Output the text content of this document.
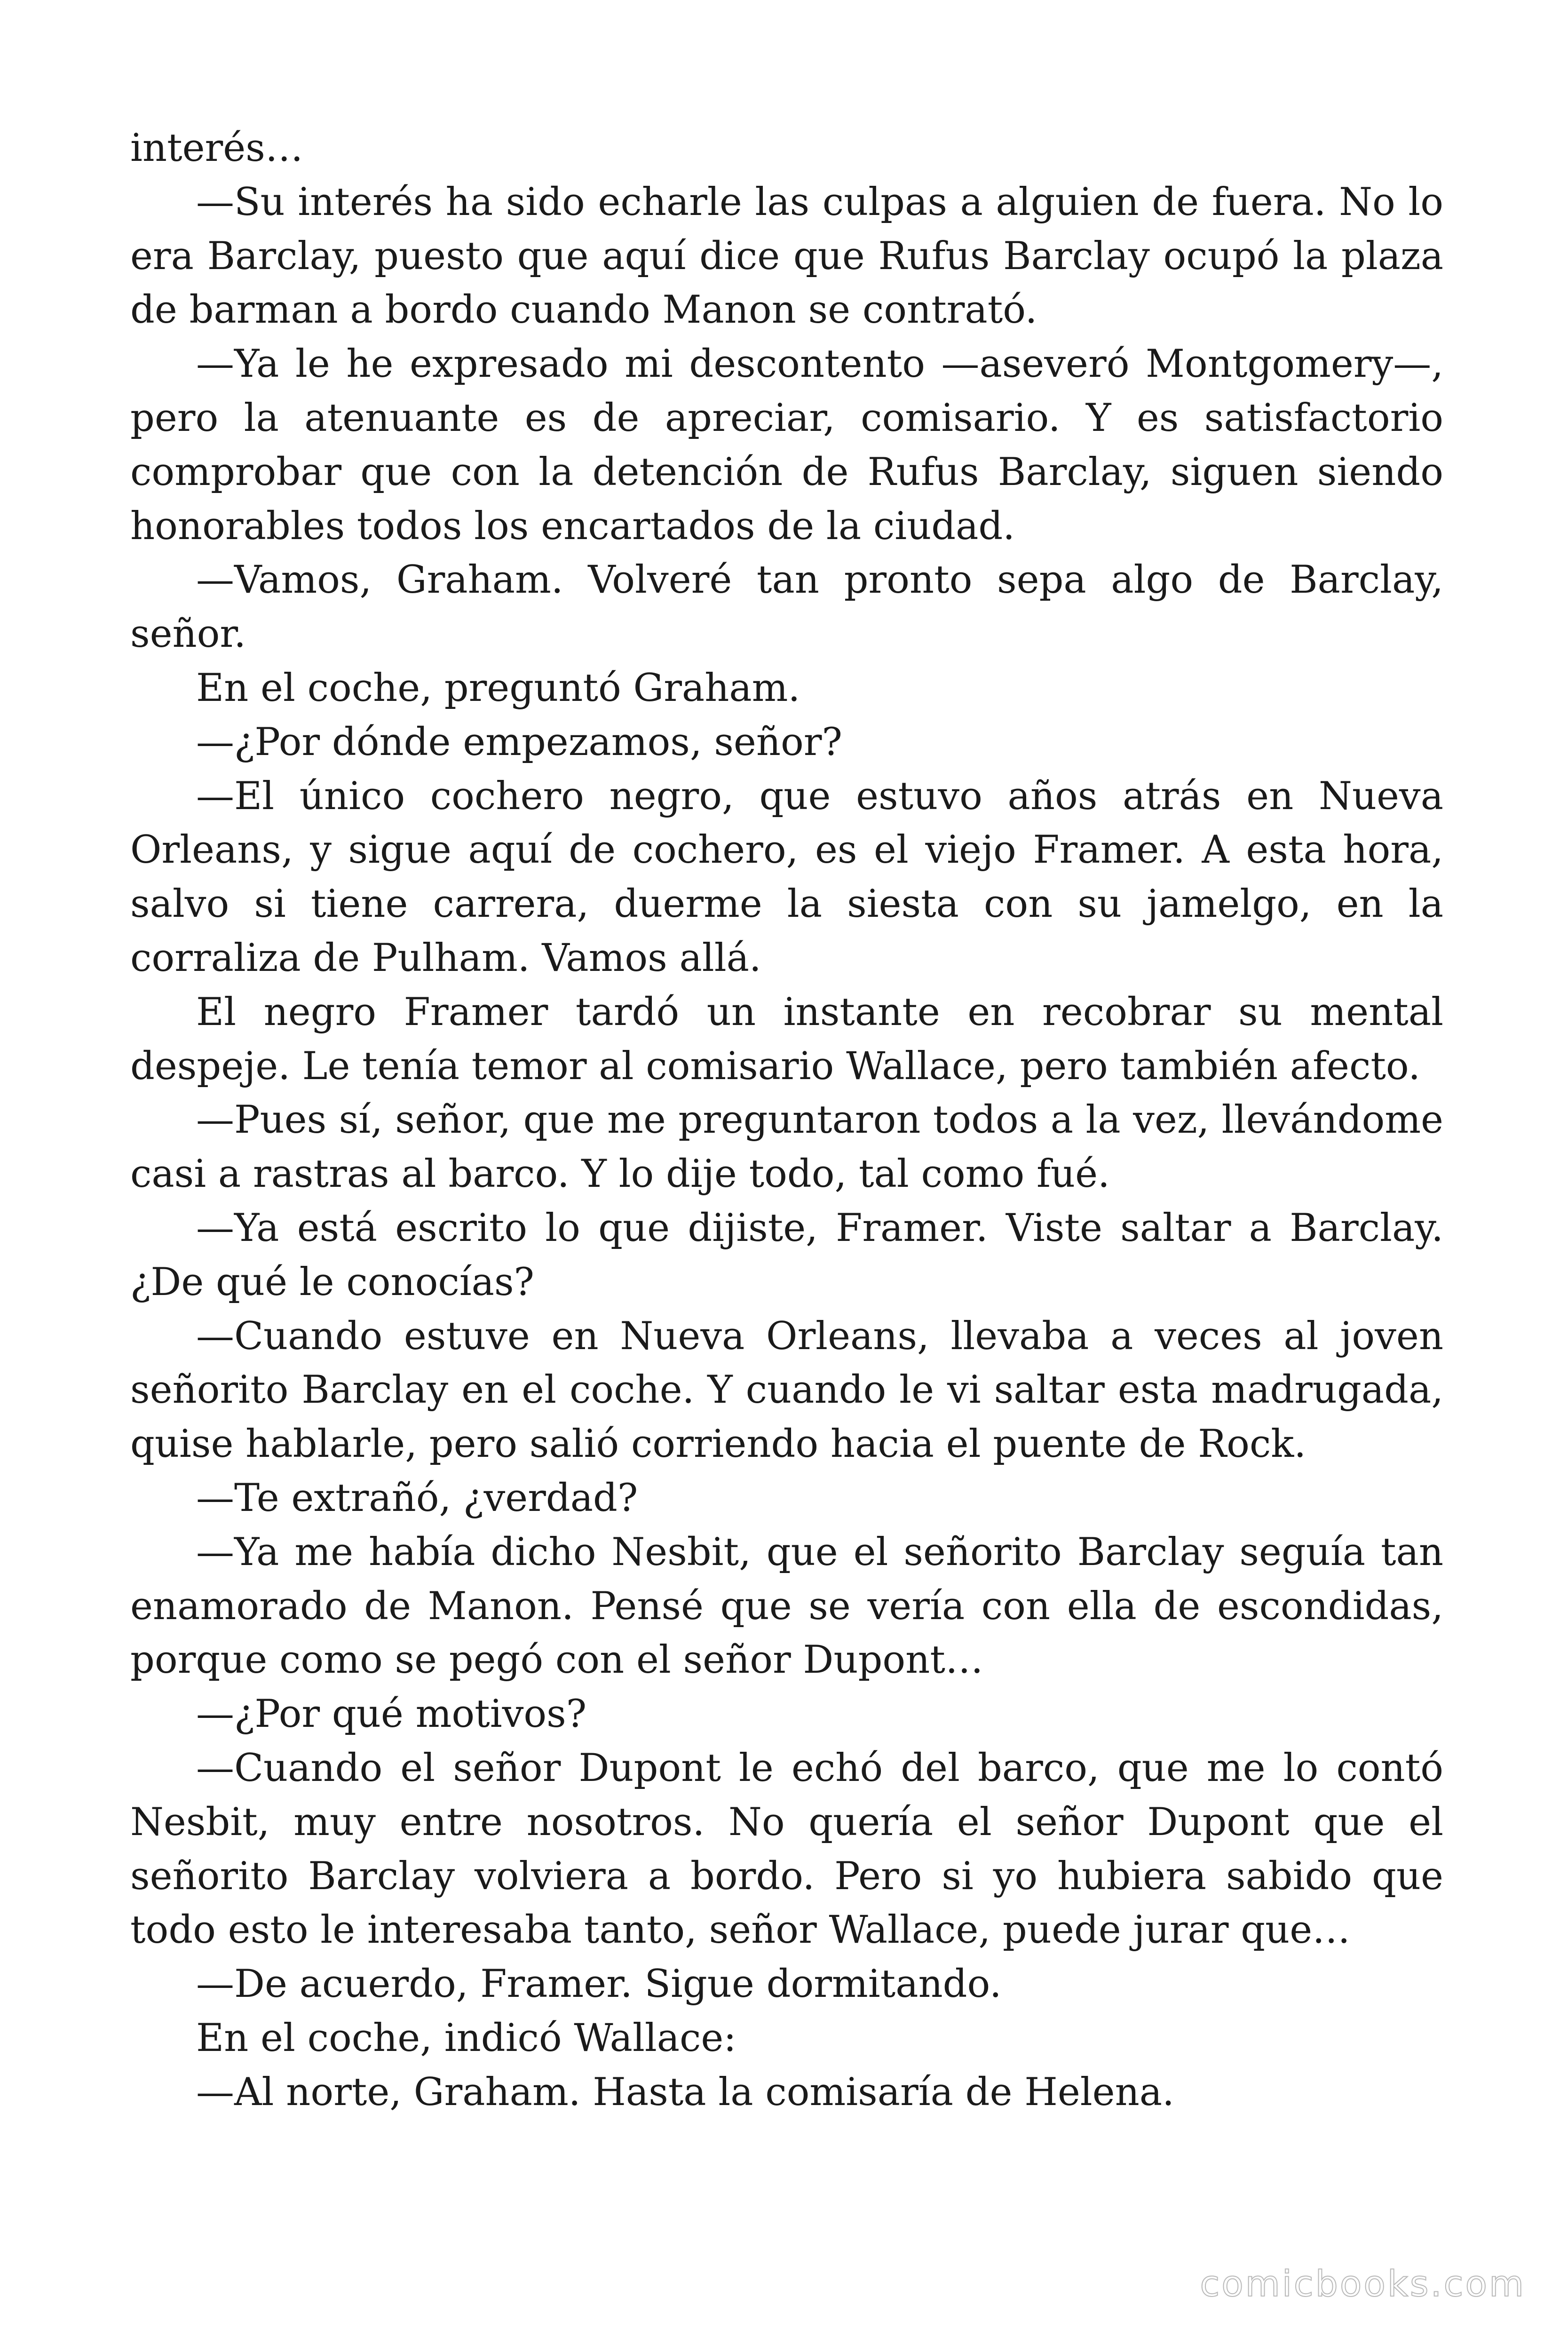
interés…

—Su interés ha sido echarle las culpas a alguien de fuera. No lo era Barclay, puesto que aquí dice que Rufus Barclay ocupó la plaza de barman a bordo cuando Manon se contrató.

—Ya le he expresado mi descontento —aseveró Montgomery—, pero la atenuante es de apreciar, comisario. Y es satisfactorio comprobar que con la detención de Rufus Barclay, siguen siendo honorables todos los encartados de la ciudad.

—Vamos, Graham. Volveré tan pronto sepa algo de Barclay, señor.

En el coche, preguntó Graham.

—¿Por dónde empezamos, señor?

—El único cochero negro, que estuvo años atrás en Nueva Orleans, y sigue aquí de cochero, es el viejo Framer. A esta hora, salvo si tiene carrera, duerme la siesta con su jamelgo, en la corraliza de Pulham. Vamos allá.

El negro Framer tardó un instante en recobrar su mental despeje. Le tenía temor al comisario Wallace, pero también afecto.

—Pues sí, señor, que me preguntaron todos a la vez, llevándome casi a rastras al barco. Y lo dije todo, tal como fué.

—Ya está escrito lo que dijiste, Framer. Viste saltar a Barclay. ¿De qué le conocías?

—Cuando estuve en Nueva Orleans, llevaba a veces al joven señorito Barclay en el coche. Y cuando le vi saltar esta madrugada, quise hablarle, pero salió corriendo hacia el puente de Rock.

—Te extrañó, ¿verdad?

—Ya me había dicho Nesbit, que el señorito Barclay seguía tan enamorado de Manon. Pensé que se vería con ella de escondidas, porque como se pegó con el señor Dupont…

—¿Por qué motivos?

—Cuando el señor Dupont le echó del barco, que me lo contó Nesbit, muy entre nosotros. No quería el señor Dupont que el señorito Barclay volviera a bordo. Pero si yo hubiera sabido que todo esto le interesaba tanto, señor Wallace, puede jurar que…

—De acuerdo, Framer. Sigue dormitando.

En el coche, indicó Wallace:

—Al norte, Graham. Hasta la comisaría de Helena.

comicbooks.com
